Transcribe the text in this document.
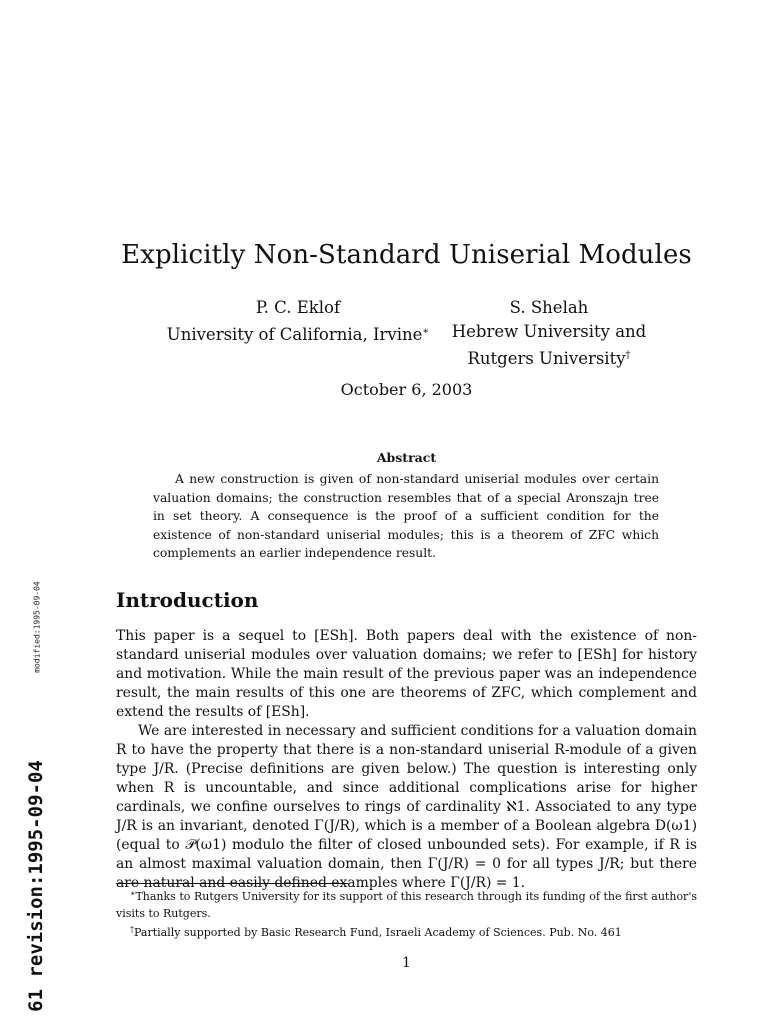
modified:1995-09-04
61 revision:1995-09-04
Explicitly Non-Standard Uniserial Modules
P. C. Eklof
University of California, Irvine∗
S. Shelah
Hebrew University and
Rutgers University†
October 6, 2003
Abstract

A new construction is given of non-standard uniserial modules over certain valuation domains; the construction resembles that of a special Aronszajn tree in set theory. A consequence is the proof of a sufficient condition for the existence of non-standard uniserial modules; this is a theorem of ZFC which complements an earlier independence result.

Introduction

This paper is a sequel to [ESh]. Both papers deal with the existence of non-standard uniserial modules over valuation domains; we refer to [ESh] for history and motivation. While the main result of the previous paper was an independence result, the main results of this one are theorems of ZFC, which complement and extend the results of [ESh].

We are interested in necessary and sufficient conditions for a valuation domain R to have the property that there is a non-standard uniserial R-module of a given type J/R. (Precise definitions are given below.) The question is interesting only when R is uncountable, and since additional complications arise for higher cardinals, we confine ourselves to rings of cardinality ℵ1. Associated to any type J/R is an invariant, denoted Γ(J/R), which is a member of a Boolean algebra D(ω1) (equal to 𝒫(ω1) modulo the filter of closed unbounded sets). For example, if R is an almost maximal valuation domain, then Γ(J/R) = 0 for all types J/R; but there are natural and easily defined examples where Γ(J/R) = 1.

∗Thanks to Rutgers University for its support of this research through its funding of the first author's visits to Rutgers.

†Partially supported by Basic Research Fund, Israeli Academy of Sciences. Pub. No. 461

1
